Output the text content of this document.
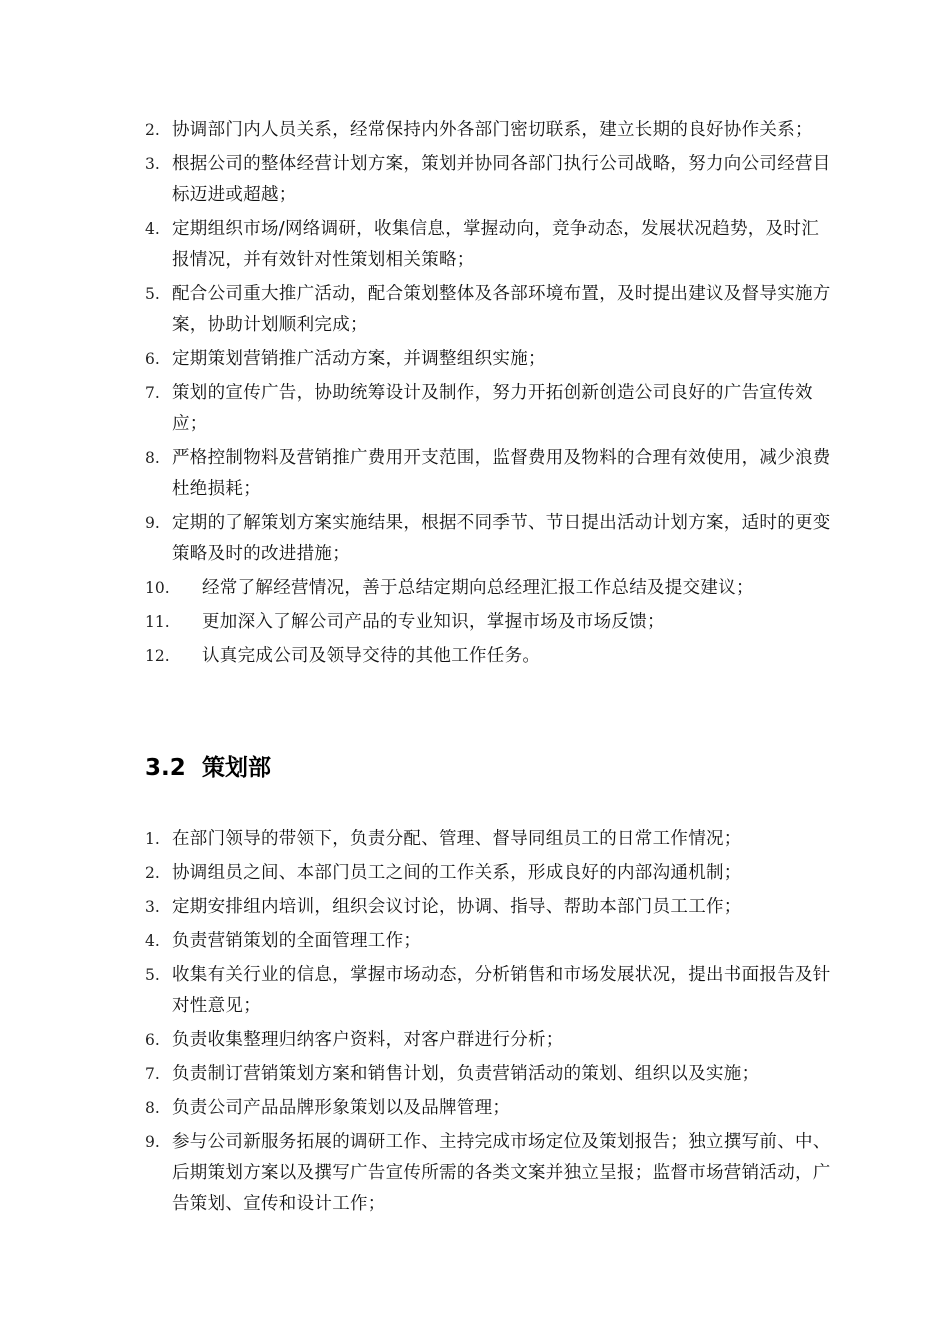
2. 协调部门内人员关系，经常保持内外各部门密切联系，建立长期的良好协作关系；
3. 根据公司的整体经营计划方案，策划并协同各部门执行公司战略，努力向公司经营目标迈进或超越；
4. 定期组织市场/网络调研，收集信息，掌握动向，竞争动态，发展状况趋势，及时汇报情况，并有效针对性策划相关策略；
5. 配合公司重大推广活动，配合策划整体及各部环境布置，及时提出建议及督导实施方案，协助计划顺利完成；
6. 定期策划营销推广活动方案，并调整组织实施；
7. 策划的宣传广告，协助统筹设计及制作，努力开拓创新创造公司良好的广告宣传效应；
8. 严格控制物料及营销推广费用开支范围，监督费用及物料的合理有效使用，减少浪费杜绝损耗；
9. 定期的了解策划方案实施结果，根据不同季节、节日提出活动计划方案，适时的更变策略及时的改进措施；
10.	经常了解经营情况，善于总结定期向总经理汇报工作总结及提交建议；
11.	更加深入了解公司产品的专业知识，掌握市场及市场反馈；
12.	认真完成公司及领导交待的其他工作任务。
3.2 策划部
1. 在部门领导的带领下，负责分配、管理、督导同组员工的日常工作情况；
2. 协调组员之间、本部门员工之间的工作关系，形成良好的内部沟通机制；
3. 定期安排组内培训，组织会议讨论，协调、指导、帮助本部门员工工作；
4. 负责营销策划的全面管理工作；
5. 收集有关行业的信息，掌握市场动态，分析销售和市场发展状况，提出书面报告及针对性意见；
6. 负责收集整理归纳客户资料，对客户群进行分析；
7. 负责制订营销策划方案和销售计划，负责营销活动的策划、组织以及实施；
8. 负责公司产品品牌形象策划以及品牌管理；
9. 参与公司新服务拓展的调研工作、主持完成市场定位及策划报告；独立撰写前、中、后期策划方案以及撰写广告宣传所需的各类文案并独立呈报；监督市场营销活动，广告策划、宣传和设计工作；
